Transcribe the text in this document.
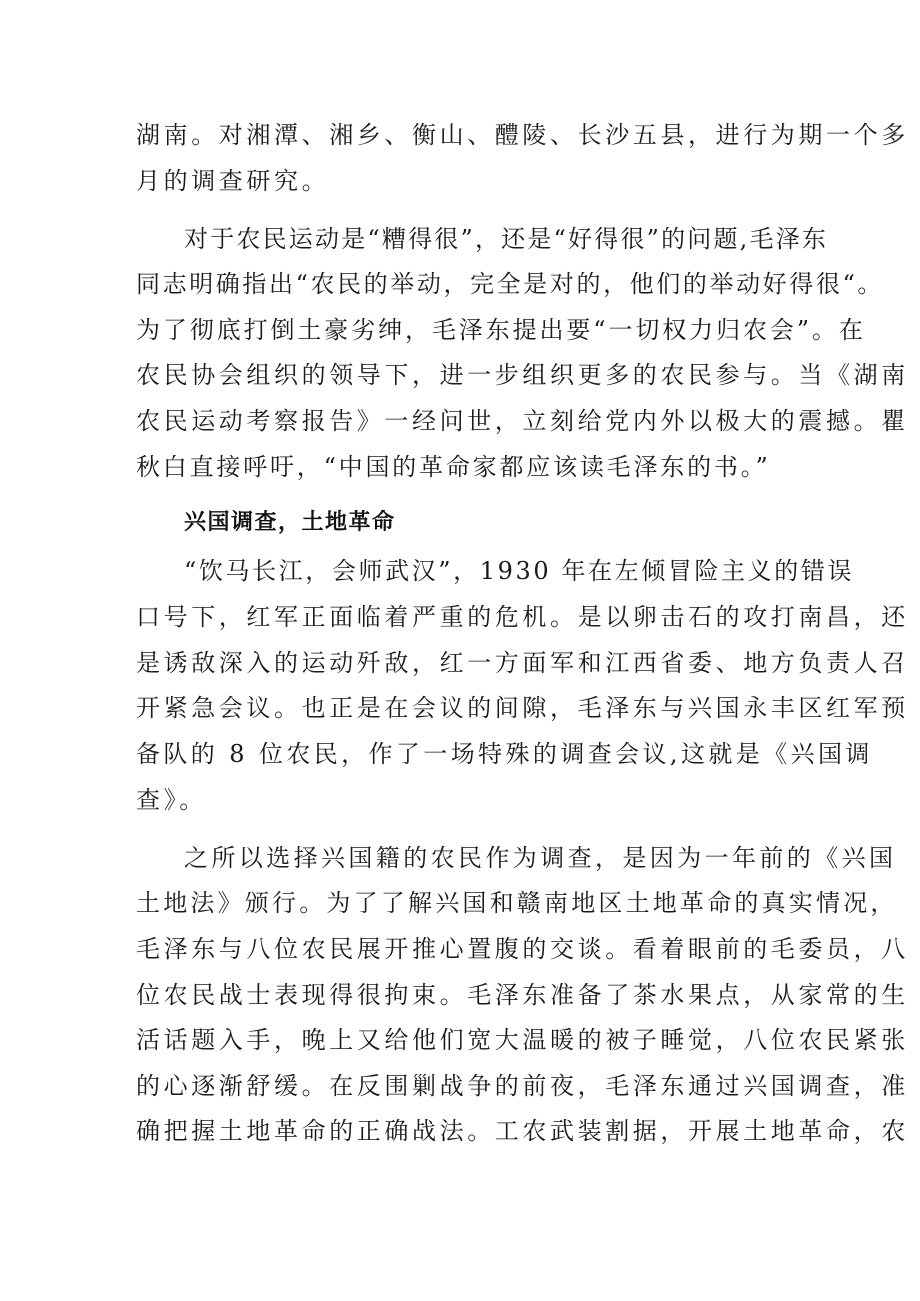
湖南。对湘潭、湘乡、衡山、醴陵、长沙五县，进行为期一个多
月的调查研究。
对于农民运动是“糟得很”，还是“好得很”的问题,毛泽东
同志明确指出“农民的举动，完全是对的，他们的举动好得很“。
为了彻底打倒土豪劣绅，毛泽东提出要“一切权力归农会”。在
农民协会组织的领导下，进一步组织更多的农民参与。当《湖南
农民运动考察报告》一经问世，立刻给党内外以极大的震撼。瞿
秋白直接呼吁，“中国的革命家都应该读毛泽东的书。”
兴国调查，土地革命
“饮马长江，会师武汉”，1930 年在左倾冒险主义的错误
口号下，红军正面临着严重的危机。是以卵击石的攻打南昌，还
是诱敌深入的运动歼敌，红一方面军和江西省委、地方负责人召
开紧急会议。也正是在会议的间隙，毛泽东与兴国永丰区红军预
备队的 8 位农民，作了一场特殊的调查会议,这就是《兴国调
查》。
之所以选择兴国籍的农民作为调查，是因为一年前的《兴国
土地法》颁行。为了了解兴国和赣南地区土地革命的真实情况，
毛泽东与八位农民展开推心置腹的交谈。看着眼前的毛委员，八
位农民战士表现得很拘束。毛泽东准备了茶水果点，从家常的生
活话题入手，晚上又给他们宽大温暖的被子睡觉，八位农民紧张
的心逐渐舒缓。在反围剿战争的前夜，毛泽东通过兴国调查，准
确把握土地革命的正确战法。工农武装割据，开展土地革命，农
